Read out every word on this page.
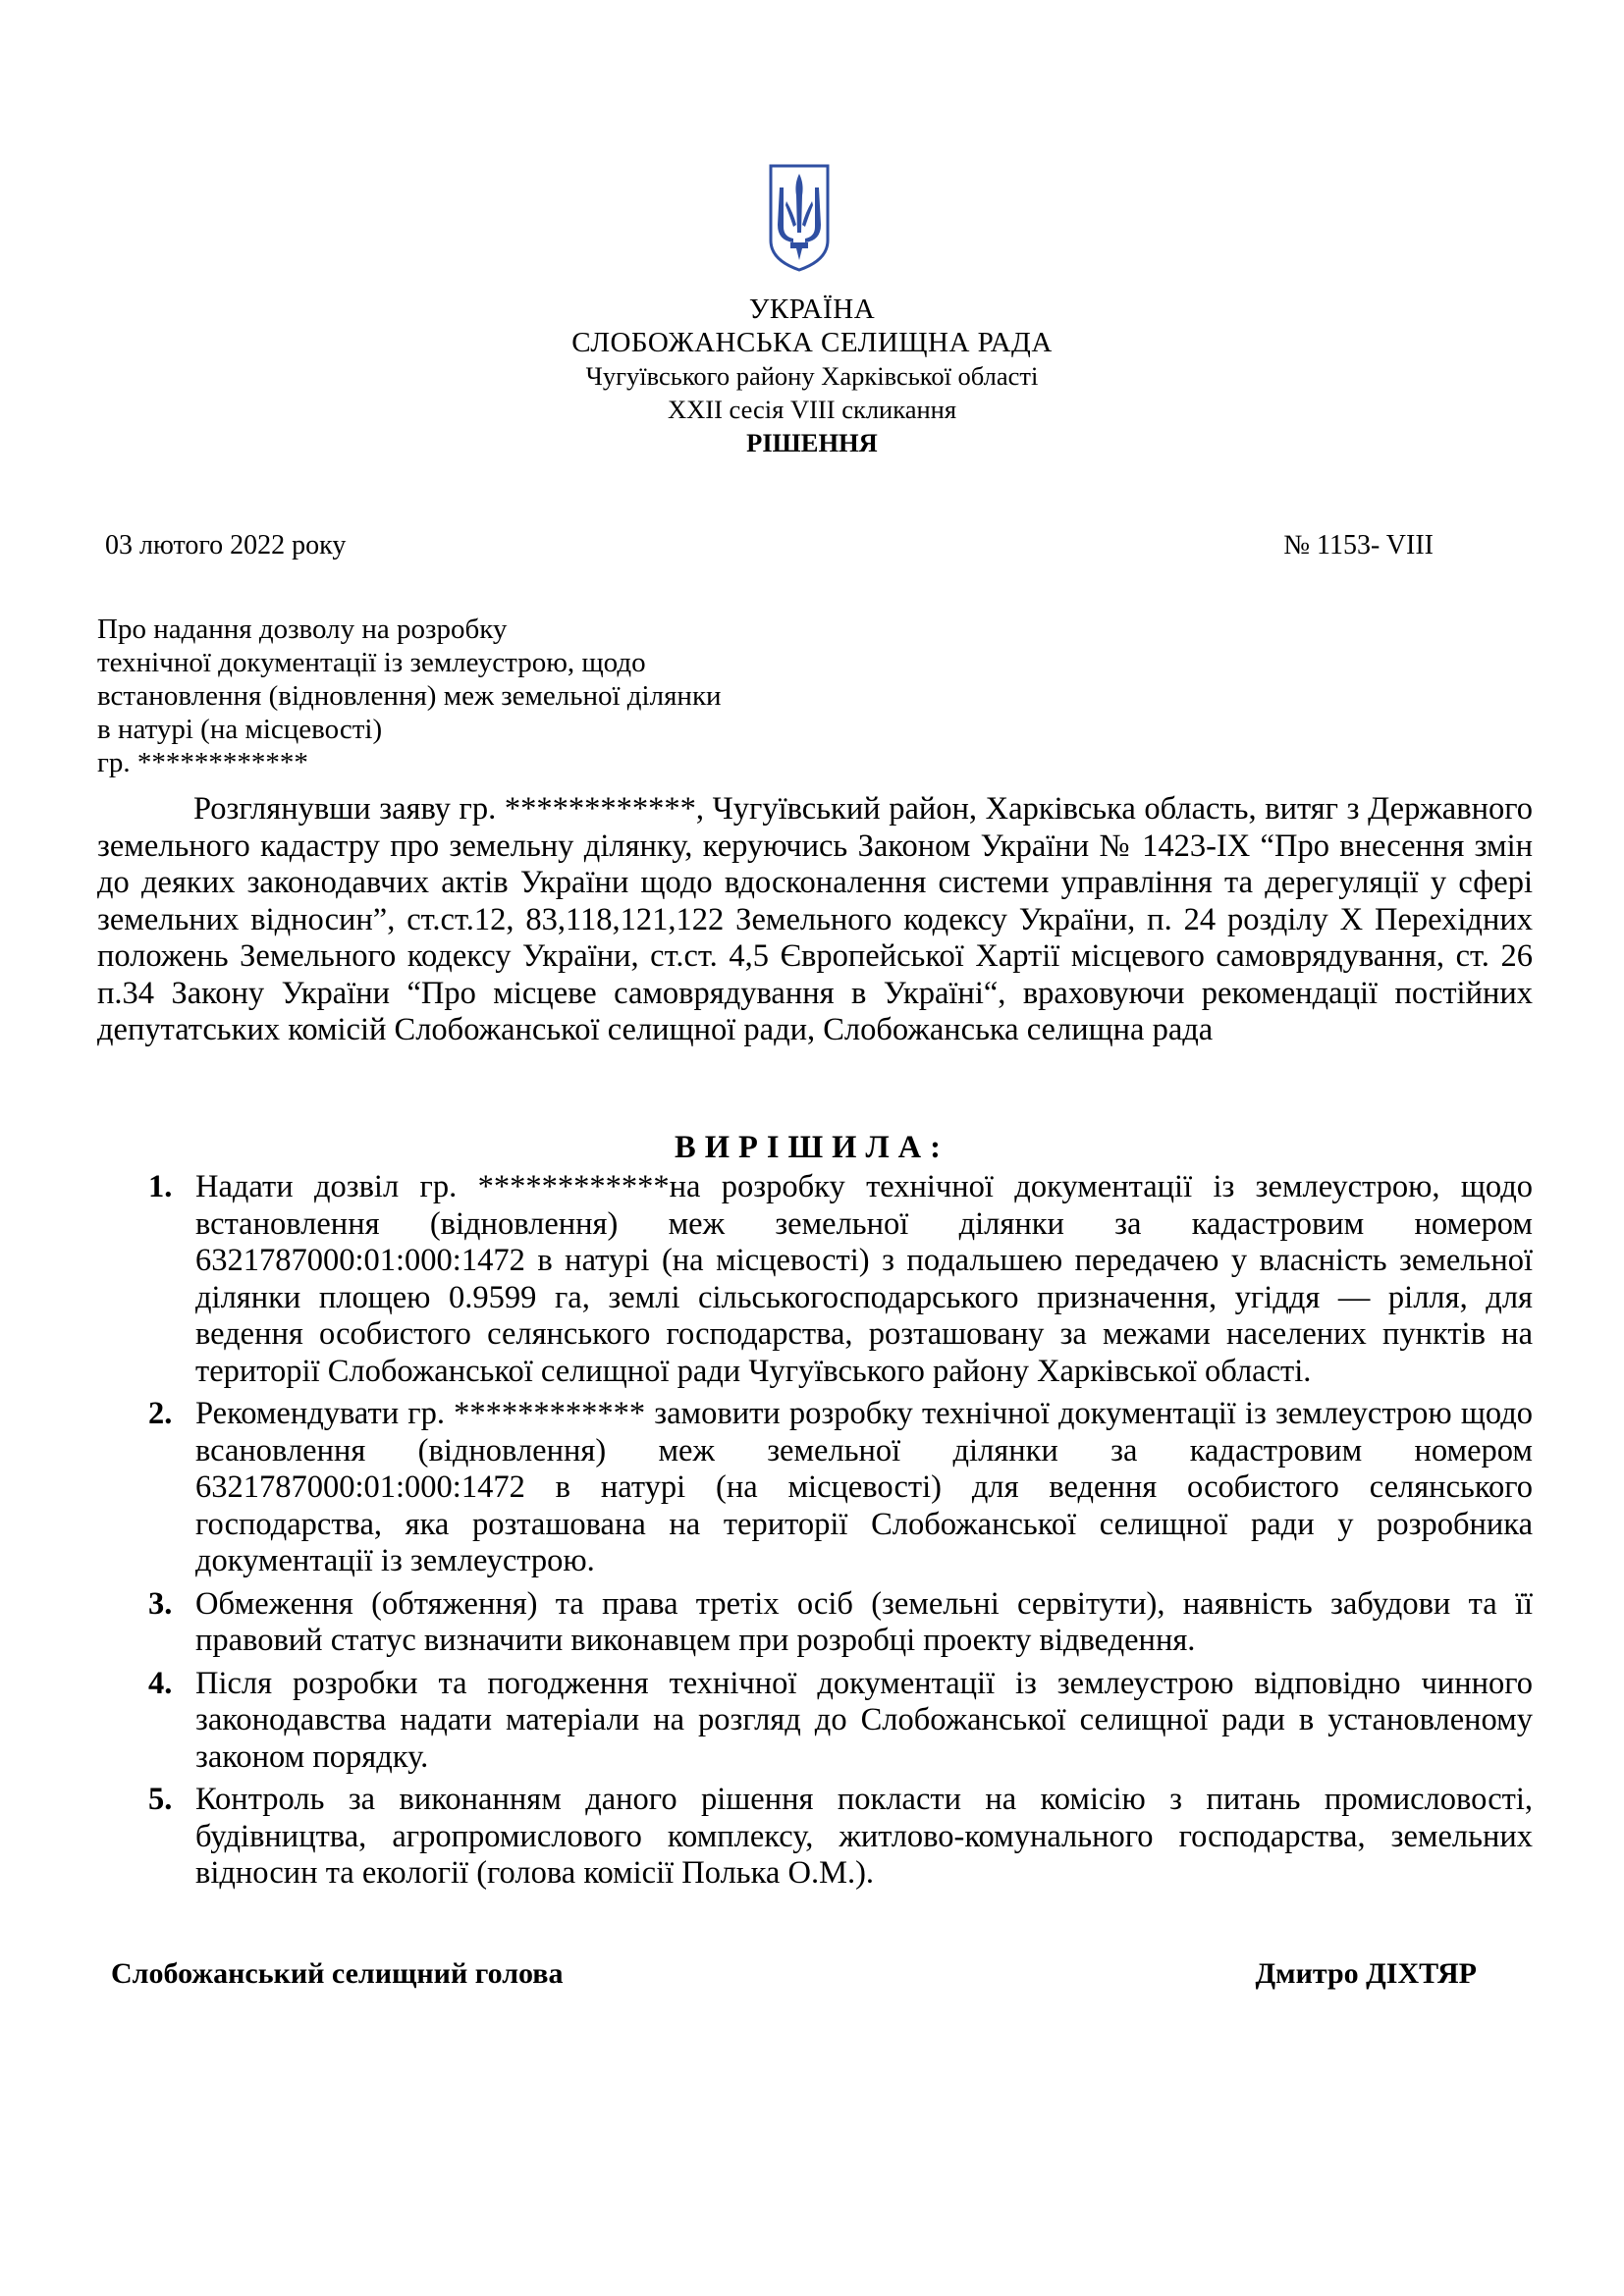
УКРАЇНА
СЛОБОЖАНСЬКА СЕЛИЩНА РАДА
Чугуївського району Харківської області
XXII сесія VIII скликання
РІШЕННЯ
03 лютого 2022 року	№ 1153- VIII
Про надання дозволу на розробку
технічної документації із землеустрою, щодо
встановлення (відновлення) меж земельної ділянки
в натурі (на місцевості)
гр. ************

Розглянувши заяву гр. ************, Чугуївський район, Харківська область, витяг з Державного земельного кадастру про земельну ділянку, керуючись Законом України № 1423-IX “Про внесення змін до деяких законодавчих актів України щодо вдосконалення системи управління та дерегуляції у сфері земельних відносин”, ст.ст.12, 83,118,121,122 Земельного кодексу України, п. 24 розділу Х Перехідних положень Земельного кодексу України, ст.ст. 4,5 Європейської Хартії місцевого самоврядування, ст. 26 п.34 Закону України “Про місцеве самоврядування в Україні“, враховуючи рекомендації постійних депутатських комісій Слобожанської селищної ради, Слобожанська селищна рада

ВИРІШИЛА:
1. Надати дозвіл гр. ************на розробку технічної документації із землеустрою, щодо встановлення (відновлення) меж земельної ділянки за кадастровим номером 6321787000:01:000:1472 в натурі (на місцевості) з подальшею передачею у власність земельної ділянки площею 0.9599 га, землі сільськогосподарського призначення, угіддя — рілля, для ведення особистого селянського господарства, розташовану за межами населених пунктів на території Слобожанської селищної ради Чугуївського району Харківської області.
2. Рекомендувати гр. ************ замовити розробку технічної документації із землеустрою щодо всановлення (відновлення) меж земельної ділянки за кадастровим номером 6321787000:01:000:1472 в натурі (на місцевості) для ведення особистого селянського господарства, яка розташована на території Слобожанської селищної ради у розробника документації із землеустрою.
3. Обмеження (обтяження) та права третіх осіб (земельні сервітути), наявність забудови та її правовий статус визначити виконавцем при розробці проекту відведення.
4. Після розробки та погодження технічної документації із землеустрою відповідно чинного законодавства надати матеріали на розгляд до Слобожанської селищної ради в установленому законом порядку.
5. Контроль за виконанням даного рішення покласти на комісію з питань промисловості, будівництва, агропромислового комплексу, житлово-комунального господарства, земельних відносин та екології (голова комісії Полька О.М.).
Слобожанський селищний голова	Дмитро ДІХТЯР
